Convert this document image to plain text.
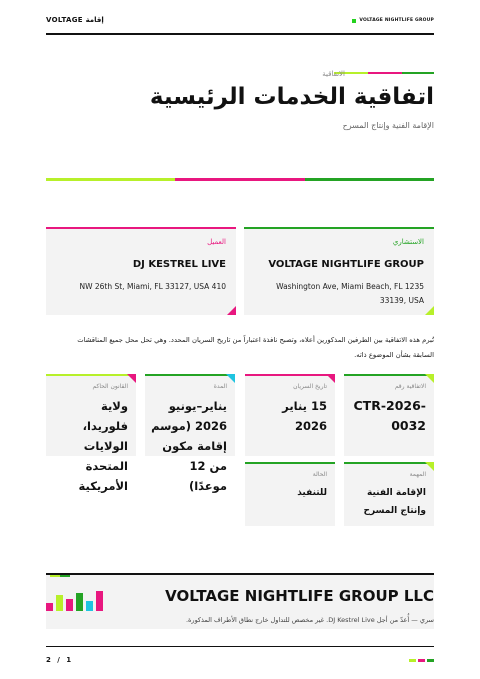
VOLTAGE إقامة	VOLTAGE NIGHTLIFE GROUP
الاتفاقية
اتفاقية الخدمات الرئيسية
الإقامة الفنية وإنتاج المسرح
الاستشاري
VOLTAGE NIGHTLIFE GROUP
Washington Ave, Miami Beach, FL 1235 33139, USA
العميل
DJ KESTREL LIVE
NW 26th St, Miami, FL 33127, USA 410
تُبرم هذه الاتفاقية بين الطرفين المذكورين أعلاه، وتصبح نافذة اعتباراً من تاريخ السريان المحدد. وهي تحل محل جميع المناقشات السابقة بشأن الموضوع ذاته.
الاتفاقية رقم
CTR-2026-0032
تاريخ السريان
15 يناير 2026
المدة
يناير–يونيو 2026 (موسم إقامة مكون من 12 موعدًا)
القانون الحاكم
ولاية فلوريدا، الولايات المتحدة الأمريكية
المهمة
الإقامة الفنية وإنتاج المسرح
الحالة
للتنفيذ
VOLTAGE NIGHTLIFE GROUP LLC
سري — أُعدّ من أجل DJ Kestrel Live. غير مخصص للتداول خارج نطاق الأطراف المذكورة.
2 / 1
